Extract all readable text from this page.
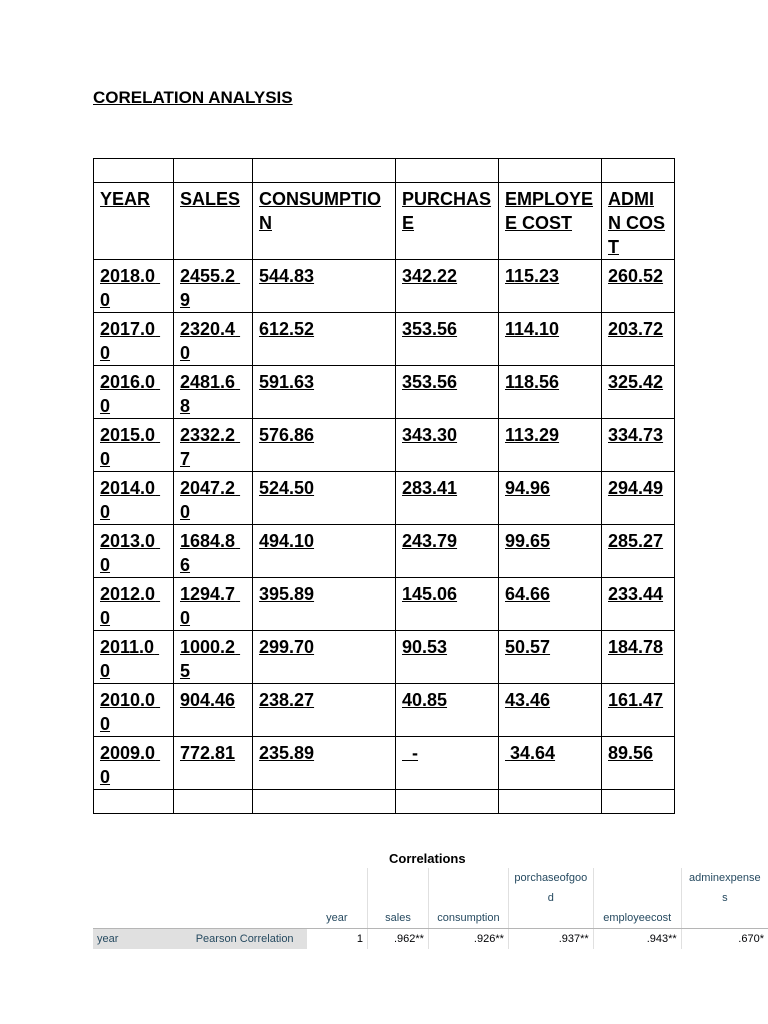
CORELATION ANALYSIS

YEAR	SALES	CONSUMPTIO N	PURCHAS E	EMPLOYE E COST	ADMI N COST
2018.0 0	2455.2 9	544.83	342.22	115.23	260.52
2017.0 0	2320.4 0	612.52	353.56	114.10	203.72
2016.0 0	2481.6 8	591.63	353.56	118.56	325.42
2015.0 0	2332.2 7	576.86	343.30	113.29	334.73
2014.0 0	2047.2 0	524.50	283.41	94.96	294.49
2013.0 0	1684.8 6	494.10	243.79	99.65	285.27
2012.0 0	1294.7 0	395.89	145.06	64.66	233.44
2011.0 0	1000.2 5	299.70	90.53	50.57	184.78
2010.0 0	904.46	238.27	40.85	43.46	161.47
2009.0 0	772.81	235.89	-	34.64	89.56

Correlations
					porchaseofgoo d		adminexpense s
		year	sales	consumption		employeecost	
year	Pearson Correlation	1	.962**	.926**	.937**	.943**	.670*
